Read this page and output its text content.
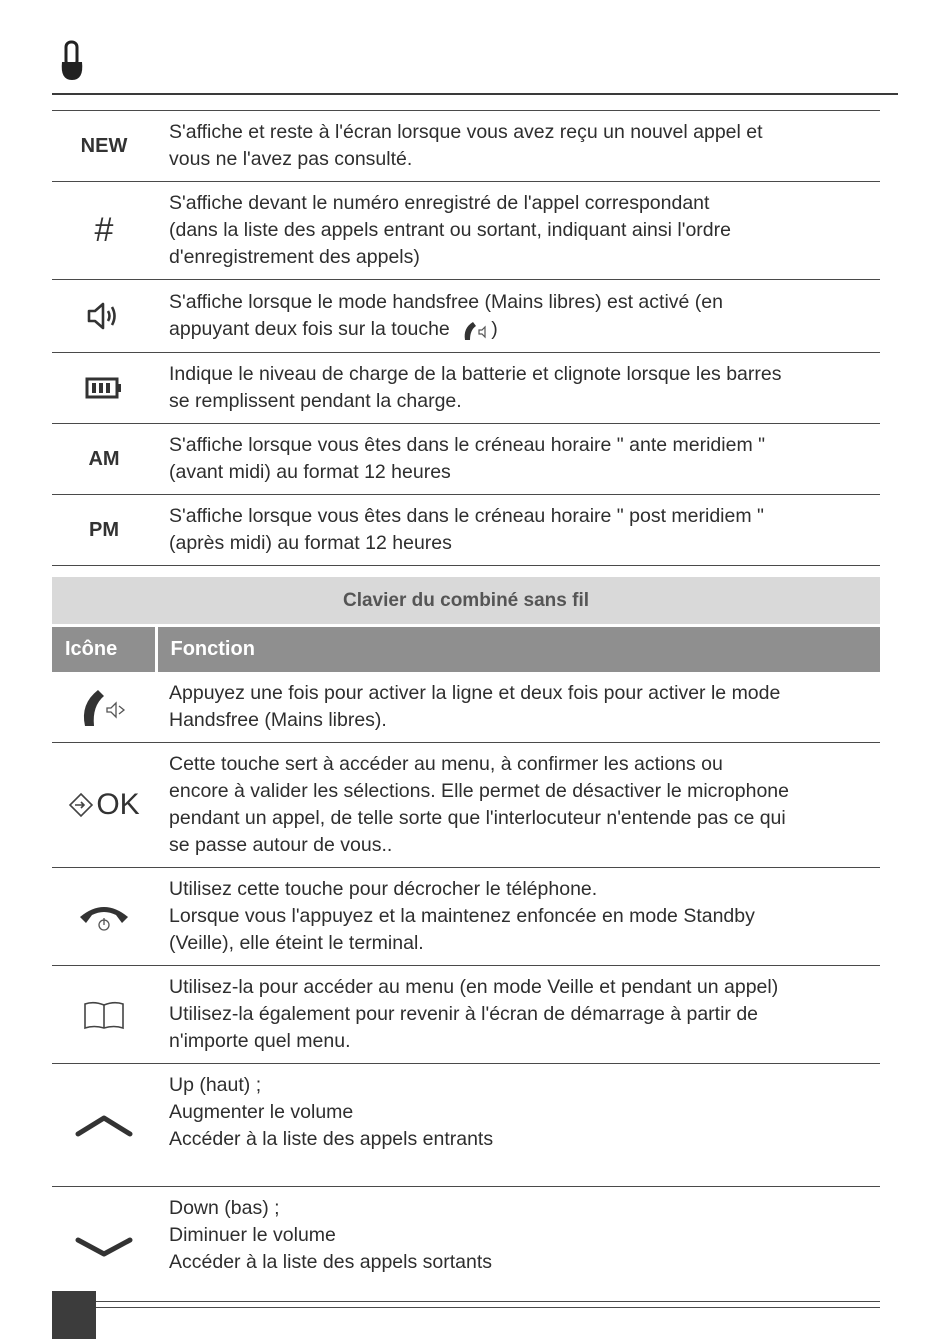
NEW	S'affiche et reste à l'écran lorsque vous avez reçu un nouvel appel et
vous ne l'avez pas consulté.

#	S'affiche devant le numéro enregistré de l'appel correspondant
(dans la liste des appels entrant ou sortant, indiquant ainsi l'ordre
d'enregistrement des appels)

S'affiche lorsque le mode handsfree (Mains libres) est activé (en
appuyant deux fois sur la touche )

Indique le niveau de charge de la batterie et clignote lorsque les barres
se remplissent pendant la charge.

AM	S'affiche lorsque vous êtes dans le créneau horaire " ante meridiem "
(avant midi) au format 12 heures

PM	S'affiche lorsque vous êtes dans le créneau horaire " post meridiem "
(après midi) au format 12 heures
Clavier du combiné sans fil	
Icône	Fonction

Appuyez une fois pour activer la ligne et deux fois pour activer le mode
Handsfree (Mains libres).

OK	Cette touche sert à accéder au menu, à confirmer les actions ou
encore à valider les sélections. Elle permet de désactiver le microphone
pendant un appel, de telle sorte que l'interlocuteur n'entende pas ce qui
se passe autour de vous..

Utilisez cette touche pour décrocher le téléphone.
Lorsque vous l'appuyez et la maintenez enfoncée en mode Standby
(Veille), elle éteint le terminal.

Utilisez-la pour accéder au menu (en mode Veille et pendant un appel)
Utilisez-la également pour revenir à l'écran de démarrage à partir de
n'importe quel menu.

Up (haut) ;
Augmenter le volume
Accéder à la liste des appels entrants

Down (bas) ;
Diminuer le volume
Accéder à la liste des appels sortants
